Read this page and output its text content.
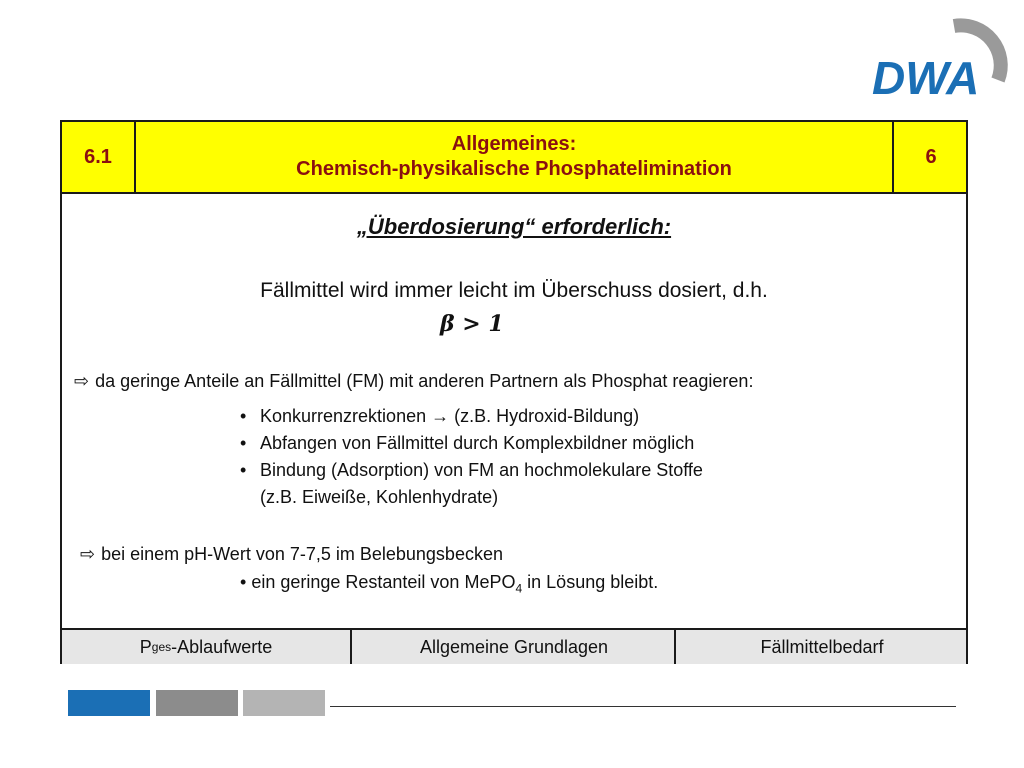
DWA
6.1
Allgemeines:
Chemisch-physikalische Phosphatelimination
6
„Überdosierung“ erforderlich:
Fällmittel wird immer leicht im Überschuss dosiert, d.h.
β > 1
⇨ da geringe Anteile an Fällmittel (FM) mit anderen Partnern als Phosphat reagieren:
• Konkurrenzrektionen → (z.B. Hydroxid-Bildung)
• Abfangen von Fällmittel durch Komplexbildner möglich
• Bindung (Adsorption) von FM an hochmolekulare Stoffe
(z.B. Eiweiße, Kohlenhydrate)
⇨ bei einem pH-Wert von 7-7,5 im Belebungsbecken
• ein geringe Restanteil von MePO$_4$ in Lösung bleibt.
P ges -Ablaufwerte	Allgemeine Grundlagen	Fällmittelbedarf
